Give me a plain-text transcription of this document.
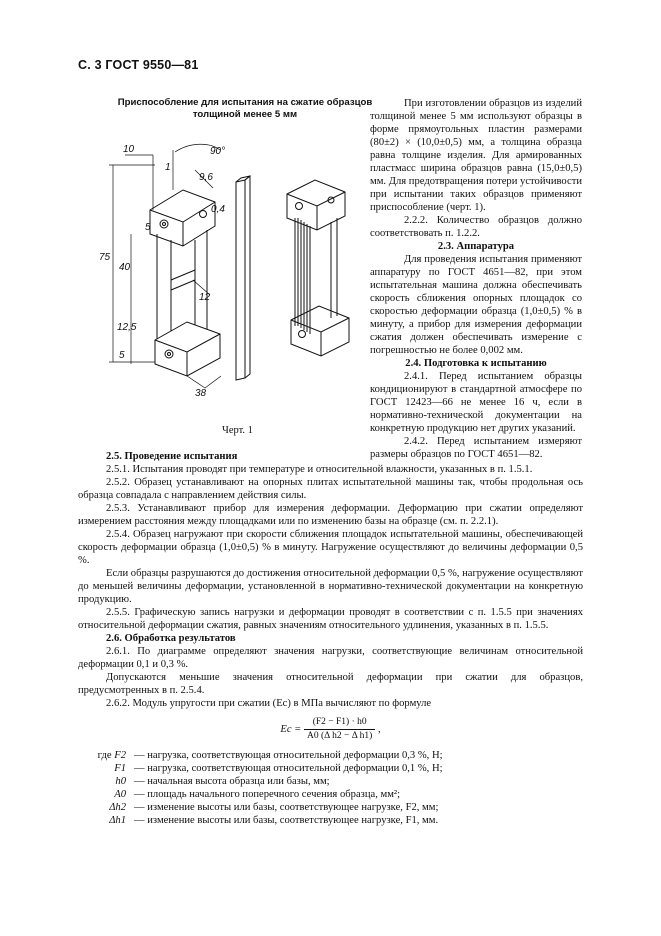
С. 3 ГОСТ 9550—81
Приспособление для испытания на сжатие образцов
толщиной менее 5 мм
10
1
90°
9,6
0,4
5
75
40
12
12,5
5
38
Черт. 1

При изготовлении образцов из изделий толщиной менее 5 мм используют образцы в форме прямоугольных пластин размерами (80±2) × (10,0±0,5) мм, а толщина образца равна толщине изделия. Для армированных пластмасс ширина образцов равна (15,0±0,5) мм. Для предотвращения потери устойчивости при испытании таких образцов применяют приспособление (черт. 1).

2.2.2. Количество образцов должно соответствовать п. 1.2.2.

2.3. Аппаратура

Для проведения испытания применяют аппаратуру по ГОСТ 4651—82, при этом испытательная машина должна обеспечивать скорость сближения опорных площадок со скоростью деформации образца (1,0±0,5) % в минуту, а прибор для измерения деформации сжатия должен обеспечивать измерение с погрешностью не более 0,002 мм.

2.4. Подготовка к испытанию

2.4.1. Перед испытанием образцы кондиционируют в стандартной атмосфере по ГОСТ 12423—66 не менее 16 ч, если в нормативно-технической документации на конкретную продукцию нет других указаний.

2.4.2. Перед испытанием измеряют размеры образцов по ГОСТ 4651—82.

2.5. Проведение испытания

2.5.1. Испытания проводят при температуре и относительной влажности, указанных в п. 1.5.1.

2.5.2. Образец устанавливают на опорных плитах испытательной машины так, чтобы продольная ось образца совпадала с направлением действия силы.

2.5.3. Устанавливают прибор для измерения деформации. Деформацию при сжатии определяют измерением расстояния между площадками или по изменению базы на образце (см. п. 2.2.1).

2.5.4. Образец нагружают при скорости сближения площадок испытательной машины, обеспечивающей скорость деформации образца (1,0±0,5) % в минуту. Нагружение осуществляют до величины деформации 0,5 %.

Если образцы разрушаются до достижения относительной деформации 0,5 %, нагружение осуществляют до меньшей величины деформации, установленной в нормативно-технической документации на конкретную продукцию.

2.5.5. Графическую запись нагрузки и деформации проводят в соответствии с п. 1.5.5 при значениях относительной деформации сжатия, равных значениям относительного удлинения, указанных в п. 1.5.5.

2.6. Обработка результатов

2.6.1. По диаграмме определяют значения нагрузки, соответствующие величинам относительной деформации 0,1 и 0,3 %.

Допускаются меньшие значения относительной деформации при сжатии для образцов, предусмотренных в п. 2.5.4.

2.6.2. Модуль упругости при сжатии (Eс) в МПа вычисляют по формуле

Eс = $\frac{(F2 - F1) \cdot h0}{\text{A0 (Δ h2 − Δ h1)}}$ ,
где F2 — нагрузка, соответствующая относительной деформации 0,3 %, Н;
F1 — нагрузка, соответствующая относительной деформации 0,1 %, Н;
h0 — начальная высота образца или базы, мм;
A0 — площадь начального поперечного сечения образца, мм²;
Δh2 — изменение высоты или базы, соответствующее нагрузке, F2, мм;
Δh1 — изменение высоты или базы, соответствующее нагрузке, F1, мм.
